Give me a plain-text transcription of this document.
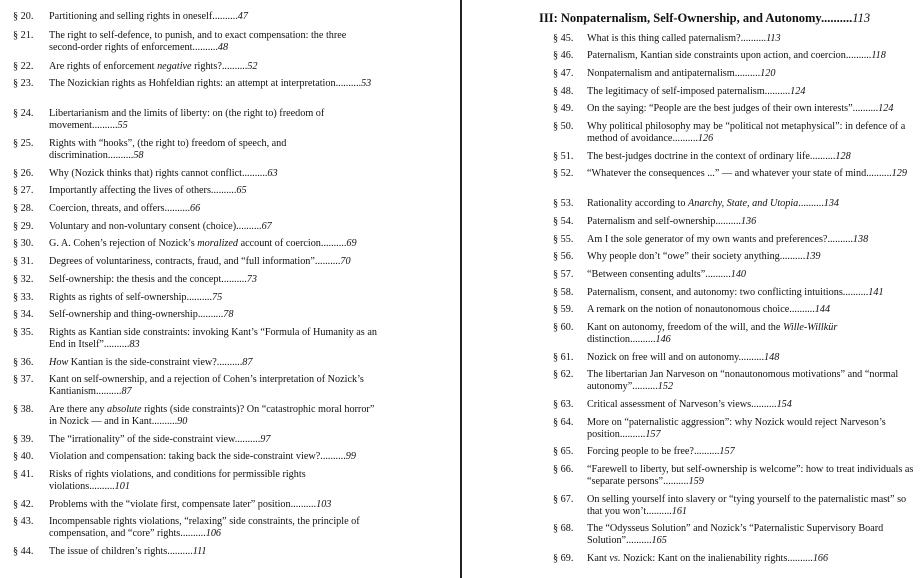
§ 20. Partitioning and selling rights in oneself..........47
§ 21. The right to self-defence, to punish, and to exact compensation: the three second-order rights of enforcement..........48
§ 22. Are rights of enforcement negative rights?..........52
§ 23. The Nozickian rights as Hohfeldian rights: an attempt at interpretation..........53
§ 24. Libertarianism and the limits of liberty: on (the right to) freedom of movement..........55
§ 25. Rights with “hooks”, (the right to) freedom of speech, and discrimination..........58
§ 26. Why (Nozick thinks that) rights cannot conflict..........63
§ 27. Importantly affecting the lives of others..........65
§ 28. Coercion, threats, and offers..........66
§ 29. Voluntary and non-voluntary consent (choice)..........67
§ 30. G. A. Cohen’s rejection of Nozick’s moralized account of coercion..........69
§ 31. Degrees of voluntariness, contracts, fraud, and “full information”..........70
§ 32. Self-ownership: the thesis and the concept..........73
§ 33. Rights as rights of self-ownership..........75
§ 34. Self-ownership and thing-ownership..........78
§ 35. Rights as Kantian side constraints: invoking Kant’s “Formula of Humanity as an End in Itself”..........83
§ 36. How Kantian is the side-constraint view?..........87
§ 37. Kant on self-ownership, and a rejection of Cohen’s interpretation of Nozick’s Kantianism..........87
§ 38. Are there any absolute rights (side constraints)? On “catastrophic moral horror” in Nozick — and in Kant..........90
§ 39. The “irrationality” of the side-constraint view..........97
§ 40. Violation and compensation: taking back the side-constraint view?..........99
§ 41. Risks of rights violations, and conditions for permissible rights violations..........101
§ 42. Problems with the “violate first, compensate later” position..........103
§ 43. Incompensable rights violations, “relaxing” side constraints, the principle of compensation, and “core” rights..........106
§ 44. The issue of children’s rights..........111
III: Nonpaternalism, Self-Ownership, and Autonomy..........113
§ 45. What is this thing called paternalism?..........113
§ 46. Paternalism, Kantian side constraints upon action, and coercion..........118
§ 47. Nonpaternalism and antipaternalism..........120
§ 48. The legitimacy of self-imposed paternalism..........124
§ 49. On the saying: “People are the best judges of their own interests”..........124
§ 50. Why political philosophy may be “political not metaphysical”: in defence of a method of avoidance..........126
§ 51. The best-judges doctrine in the context of ordinary life..........128
§ 52. “Whatever the consequences ...” — and whatever your state of mind..........129
§ 53. Rationality according to Anarchy, State, and Utopia..........134
§ 54. Paternalism and self-ownership..........136
§ 55. Am I the sole generator of my own wants and preferences?..........138
§ 56. Why people don’t “owe” their society anything..........139
§ 57. “Between consenting adults”..........140
§ 58. Paternalism, consent, and autonomy: two conflicting intuitions..........141
§ 59. A remark on the notion of nonautonomous choice..........144
§ 60. Kant on autonomy, freedom of the will, and the Wille-Willkür distinction..........146
§ 61. Nozick on free will and on autonomy..........148
§ 62. The libertarian Jan Narveson on “nonautonomous motivations” and “normal autonomy”..........152
§ 63. Critical assessment of Narveson’s views..........154
§ 64. More on “paternalistic aggression”: why Nozick would reject Narveson’s position..........157
§ 65. Forcing people to be free?..........157
§ 66. “Farewell to liberty, but self-ownership is welcome”: how to treat individuals as “separate persons”..........159
§ 67. On selling yourself into slavery or “tying yourself to the paternalistic mast” so that you won’t..........161
§ 68. The “Odysseus Solution” and Nozick’s “Paternalistic Supervisory Board Solution”..........165
§ 69. Kant vs. Nozick: Kant on the inalienability rights..........166
